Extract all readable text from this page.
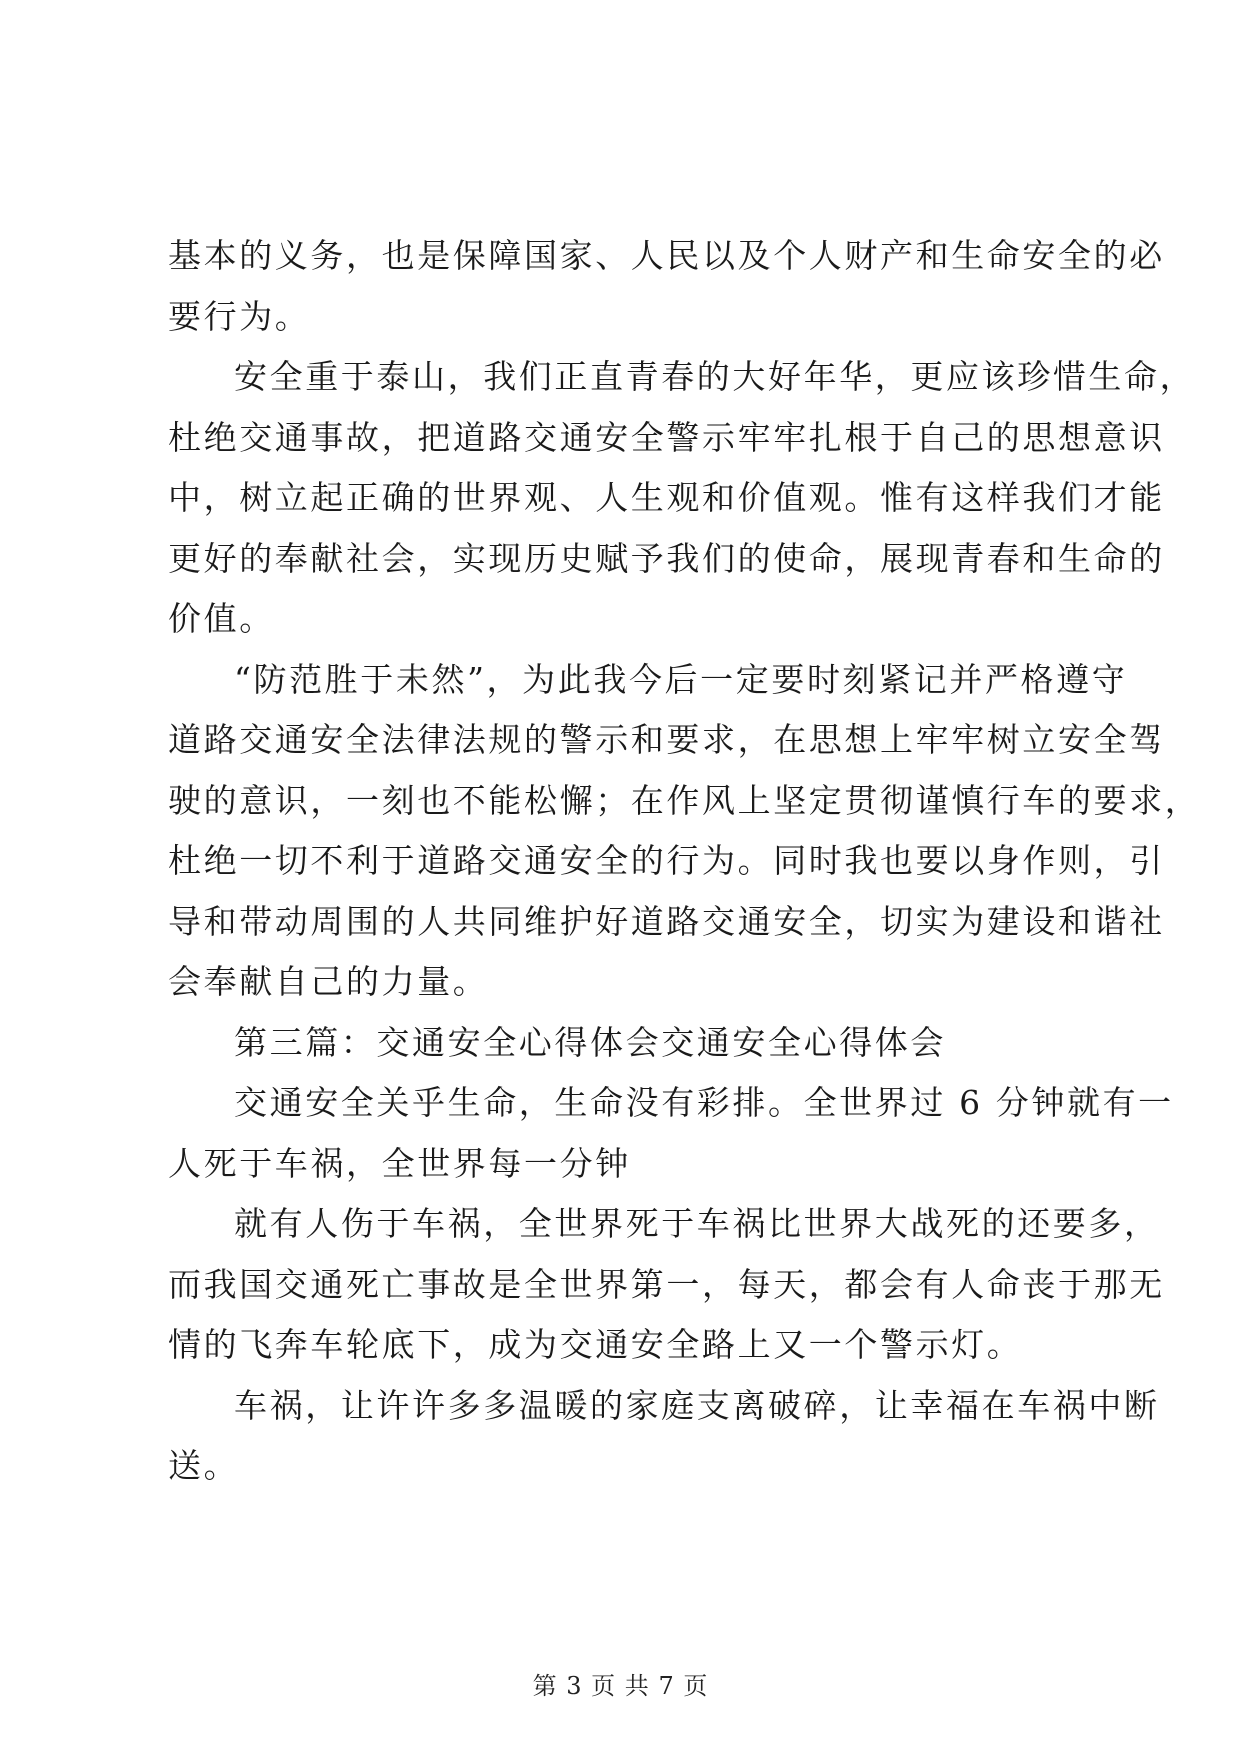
基本的义务，也是保障国家、人民以及个人财产和生命安全的必
要行为。
安全重于泰山，我们正直青春的大好年华，更应该珍惜生命，
杜绝交通事故，把道路交通安全警示牢牢扎根于自己的思想意识
中，树立起正确的世界观、人生观和价值观。惟有这样我们才能
更好的奉献社会，实现历史赋予我们的使命，展现青春和生命的
价值。
“防范胜于未然”，为此我今后一定要时刻紧记并严格遵守
道路交通安全法律法规的警示和要求，在思想上牢牢树立安全驾
驶的意识，一刻也不能松懈；在作风上坚定贯彻谨慎行车的要求，
杜绝一切不利于道路交通安全的行为。同时我也要以身作则，引
导和带动周围的人共同维护好道路交通安全，切实为建设和谐社
会奉献自己的力量。
第三篇：交通安全心得体会交通安全心得体会
交通安全关乎生命，生命没有彩排。全世界过 6 分钟就有一
人死于车祸，全世界每一分钟
就有人伤于车祸，全世界死于车祸比世界大战死的还要多，
而我国交通死亡事故是全世界第一，每天，都会有人命丧于那无
情的飞奔车轮底下，成为交通安全路上又一个警示灯。
车祸，让许许多多温暖的家庭支离破碎，让幸福在车祸中断
送。
第 3 页 共 7 页
